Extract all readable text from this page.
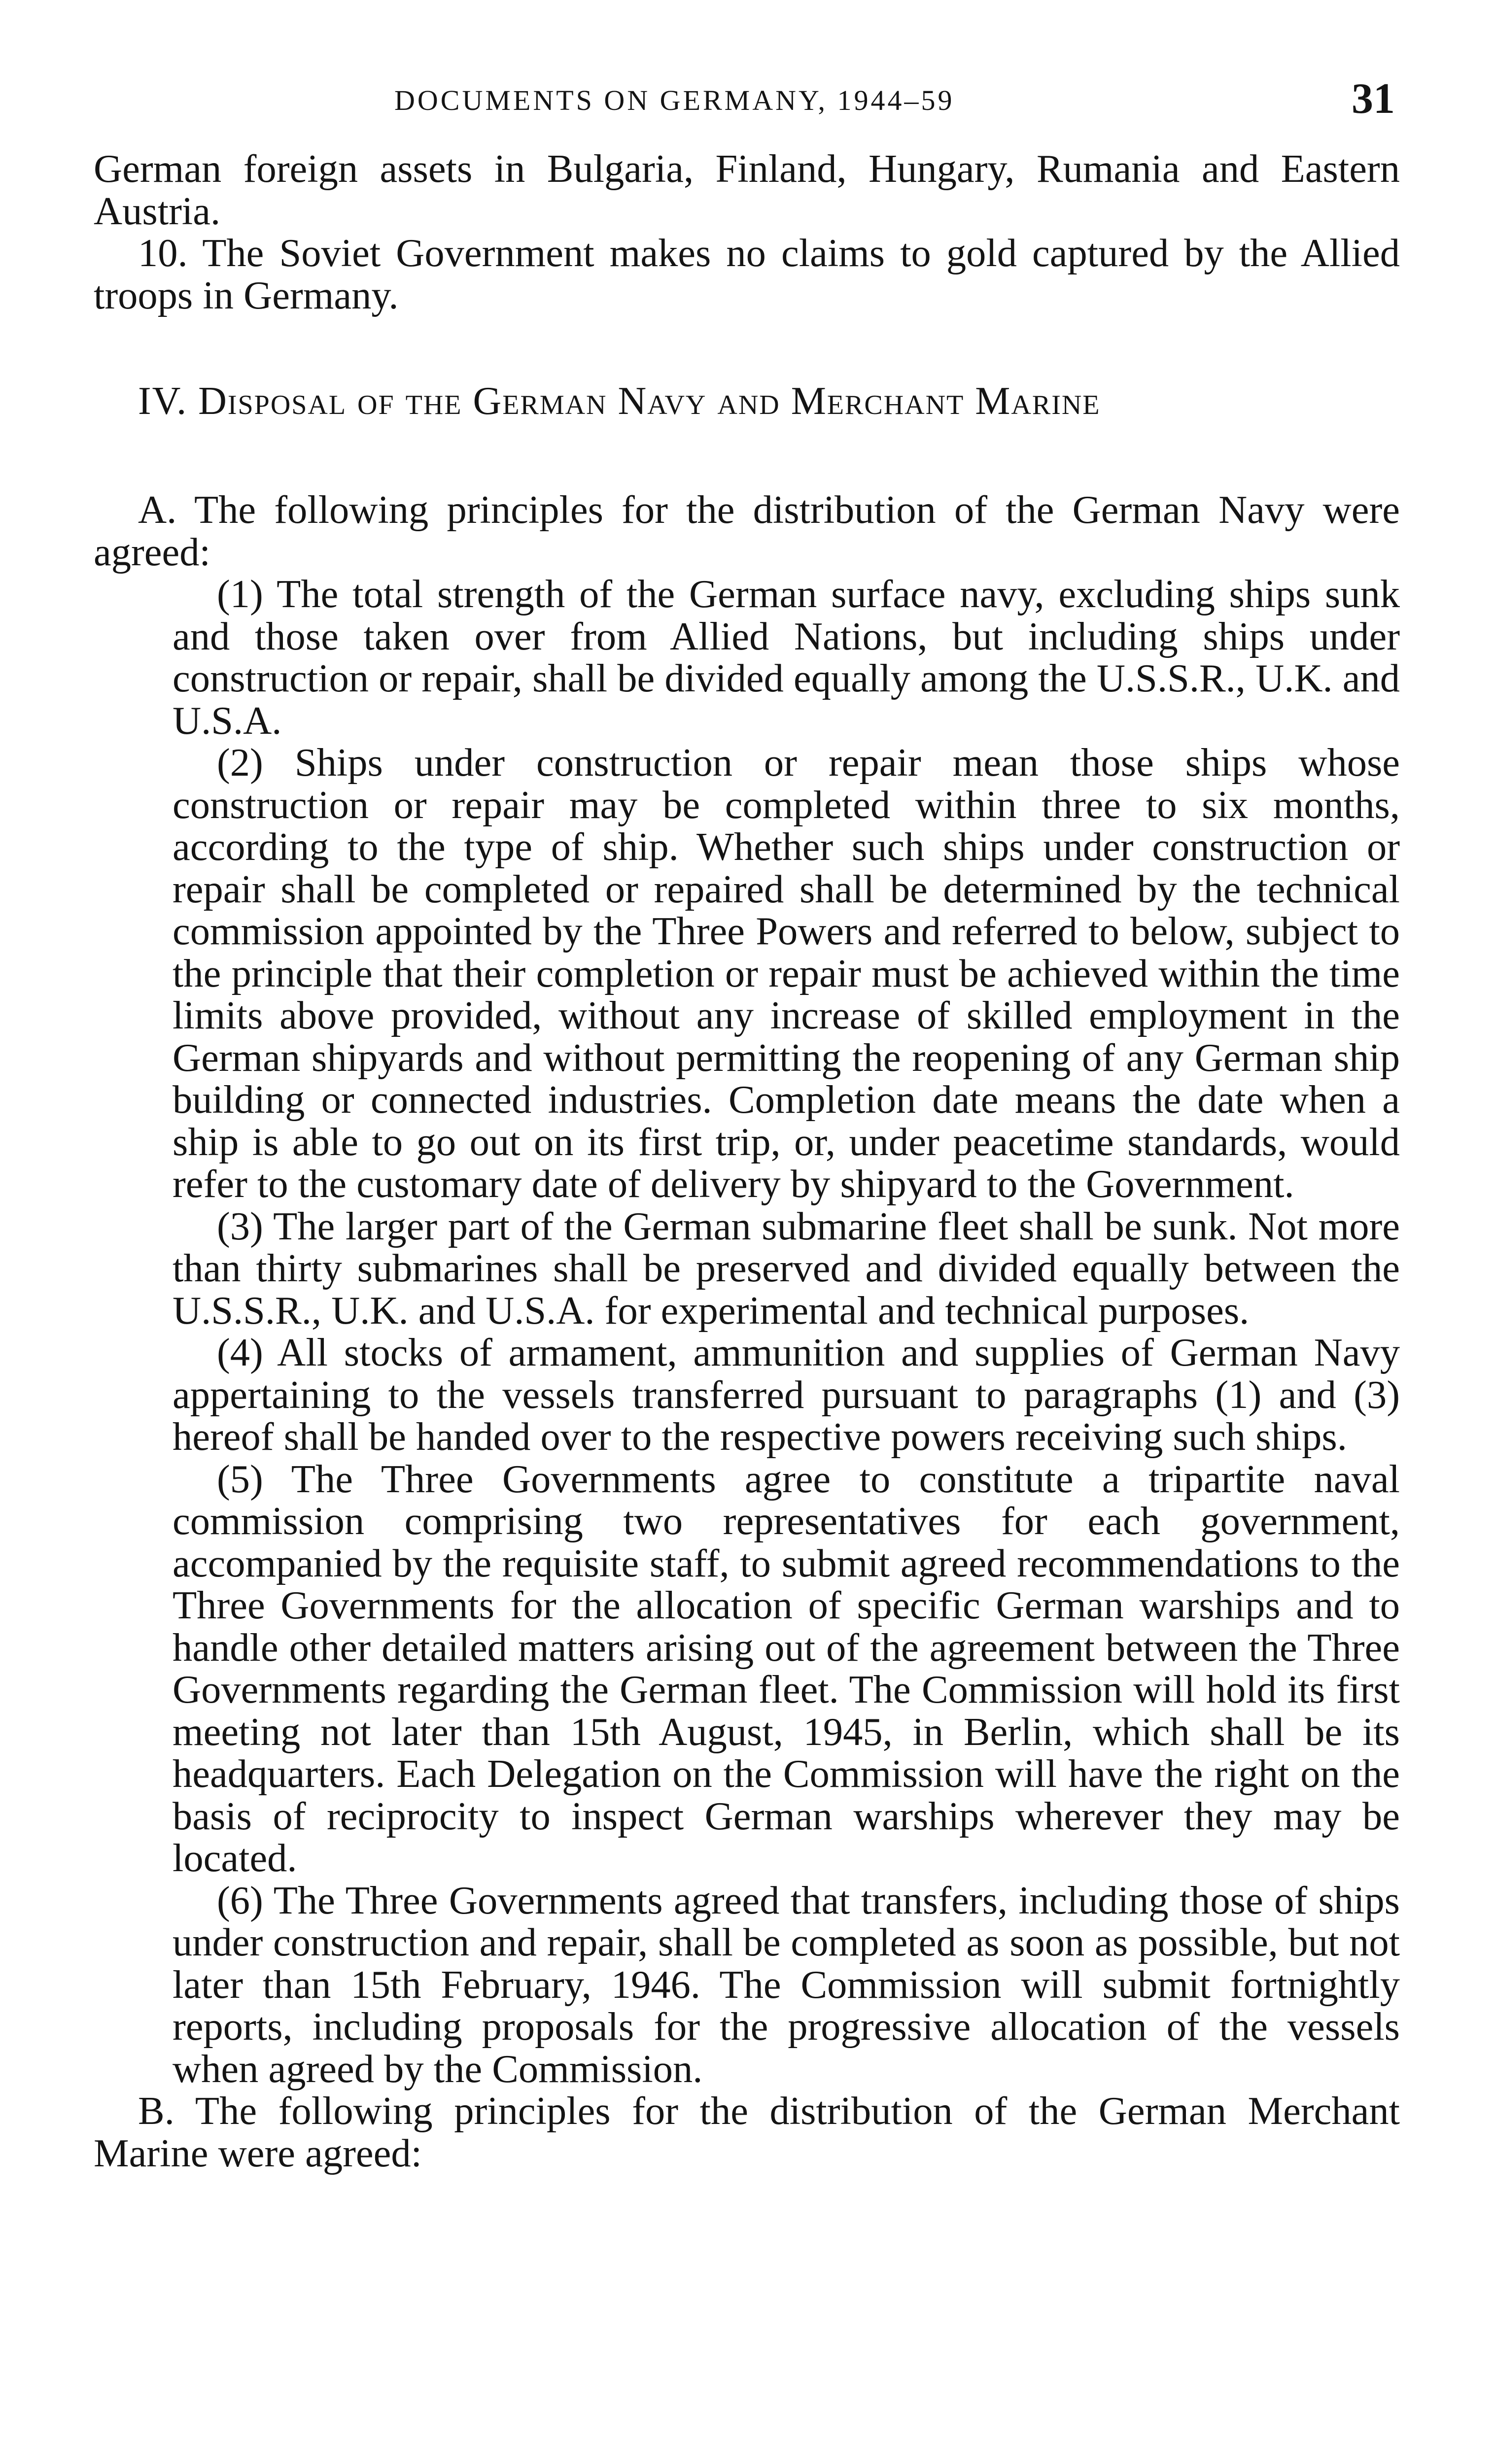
DOCUMENTS ON GERMANY, 1944–59	31

German foreign assets in Bulgaria, Finland, Hungary, Rumania and Eastern Austria.

10. The Soviet Government makes no claims to gold captured by the Allied troops in Germany.

IV. Disposal of the German Navy and Merchant Marine

A. The following principles for the distribution of the German Navy were agreed:

(1) The total strength of the German surface navy, excluding ships sunk and those taken over from Allied Nations, but including ships under construction or repair, shall be divided equally among the U.S.S.R., U.K. and U.S.A.

(2) Ships under construction or repair mean those ships whose construction or repair may be completed within three to six months, according to the type of ship. Whether such ships under construction or repair shall be completed or repaired shall be determined by the technical commission appointed by the Three Powers and referred to below, subject to the principle that their completion or repair must be achieved within the time limits above provided, without any increase of skilled employment in the German shipyards and without permitting the reopening of any German ship building or connected industries. Completion date means the date when a ship is able to go out on its first trip, or, under peacetime standards, would refer to the customary date of delivery by shipyard to the Government.

(3) The larger part of the German submarine fleet shall be sunk. Not more than thirty submarines shall be preserved and divided equally between the U.S.S.R., U.K. and U.S.A. for experimental and technical purposes.

(4) All stocks of armament, ammunition and supplies of German Navy appertaining to the vessels transferred pursuant to paragraphs (1) and (3) hereof shall be handed over to the respective powers receiving such ships.

(5) The Three Governments agree to constitute a tripartite naval commission comprising two representatives for each government, accompanied by the requisite staff, to submit agreed recommendations to the Three Governments for the allocation of specific German warships and to handle other detailed matters arising out of the agreement between the Three Governments regarding the German fleet. The Commission will hold its first meeting not later than 15th August, 1945, in Berlin, which shall be its headquarters. Each Delegation on the Commission will have the right on the basis of reciprocity to inspect German warships wherever they may be located.

(6) The Three Governments agreed that transfers, including those of ships under construction and repair, shall be completed as soon as possible, but not later than 15th February, 1946. The Commission will submit fortnightly reports, including proposals for the progressive allocation of the vessels when agreed by the Commission.

B. The following principles for the distribution of the German Merchant Marine were agreed:
